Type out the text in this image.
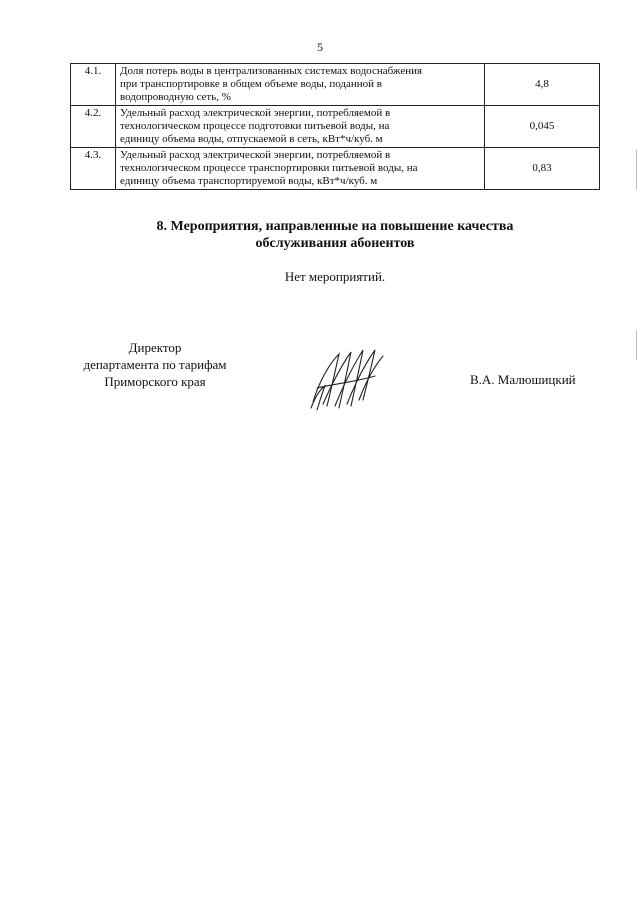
5
4.1.	Доля потерь воды в централизованных системах водоснабжения
при транспортировке в общем объеме воды, поданной в
водопроводную сеть, %	4,8
4.2.	Удельный расход электрической энергии, потребляемой в
технологическом процессе подготовки питьевой воды, на
единицу объема воды, отпускаемой в сеть, кВт*ч/куб. м	0,045
4.3.	Удельный расход электрической энергии, потребляемой в
технологическом процессе транспортировки питьевой воды, на
единицу объема транспортируемой воды, кВт*ч/куб. м	0,83
8. Мероприятия, направленные на повышение качества
обслуживания абонентов
Нет мероприятий.
Директор
департамента по тарифам
Приморского края	В.А. Малюшицкий
